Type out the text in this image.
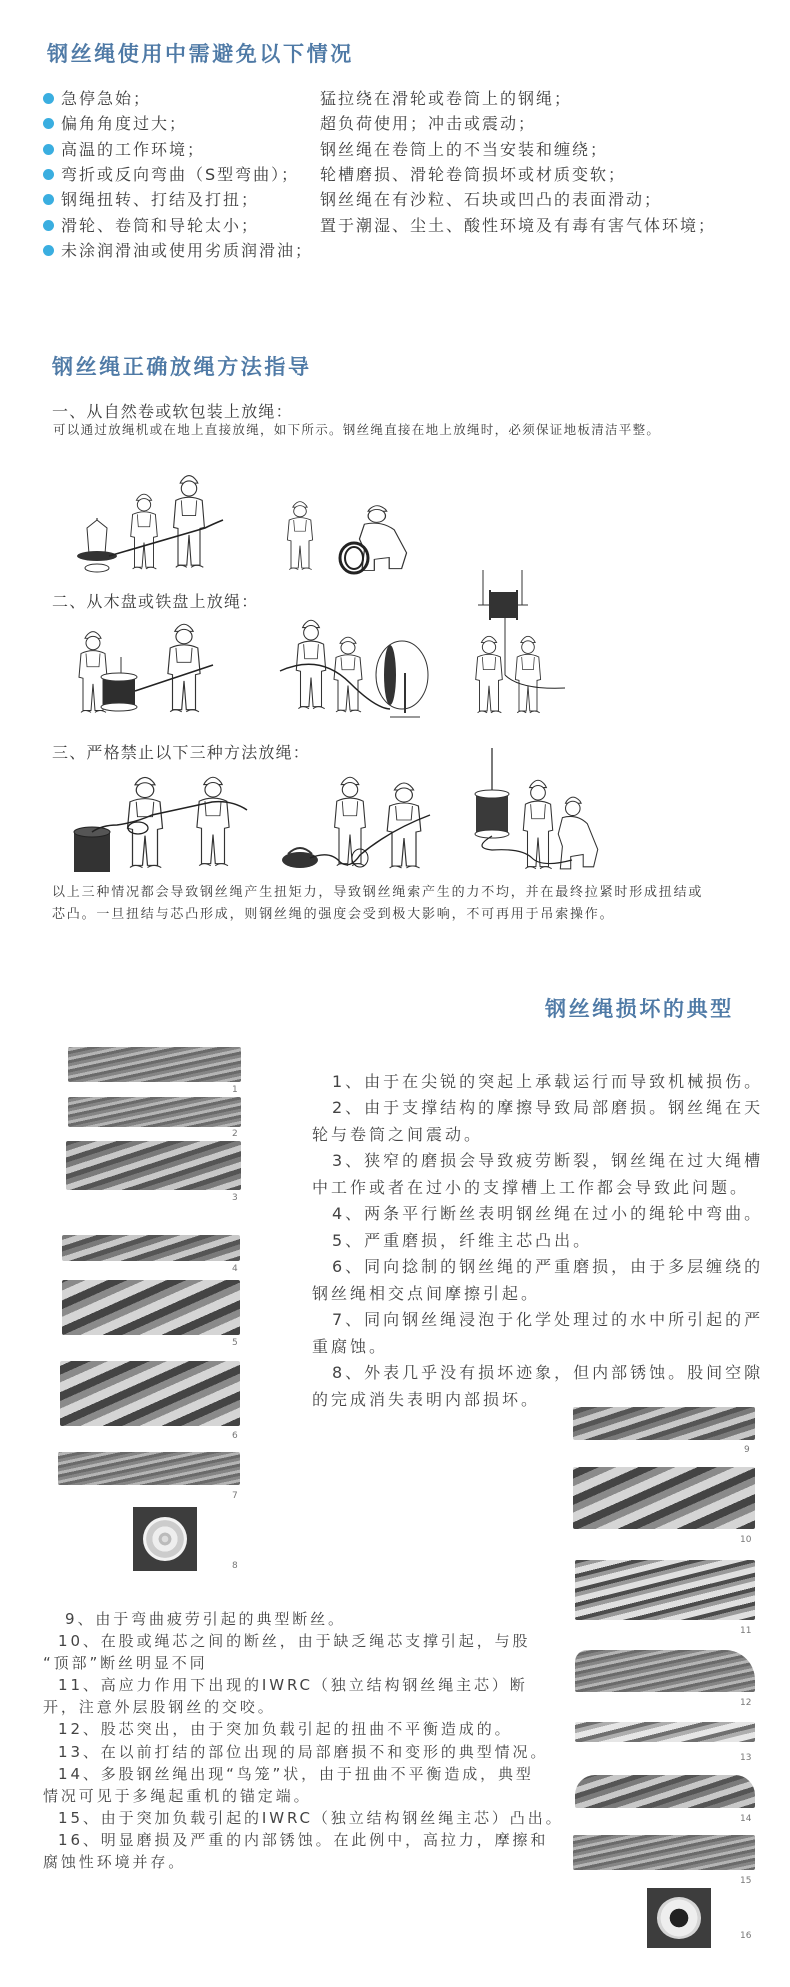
钢丝绳使用中需避免以下情况
急停急始；
偏角角度过大；
高温的工作环境；
弯折或反向弯曲（S型弯曲）；
钢绳扭转、打结及打扭；
滑轮、卷筒和导轮太小；
未涂润滑油或使用劣质润滑油；
猛拉绕在滑轮或卷筒上的钢绳；
超负荷使用；冲击或震动；
钢丝绳在卷筒上的不当安装和缠绕；
轮槽磨损、滑轮卷筒损坏或材质变软；
钢丝绳在有沙粒、石块或凹凸的表面滑动；
置于潮湿、尘土、酸性环境及有毒有害气体环境；
钢丝绳正确放绳方法指导
一、从自然卷或软包装上放绳：
可以通过放绳机或在地上直接放绳，如下所示。钢丝绳直接在地上放绳时，必须保证地板清洁平整。
二、从木盘或铁盘上放绳：
三、严格禁止以下三种方法放绳：
以上三种情况都会导致钢丝绳产生扭矩力，导致钢丝绳索产生的力不均，并在最终拉紧时形成扭结或
芯凸。一旦扭结与芯凸形成，则钢丝绳的强度会受到极大影响，不可再用于吊索操作。
钢丝绳损坏的典型
1
2
3
4
5
6
7
8
1、由于在尖锐的突起上承载运行而导致机械损伤。
2、由于支撑结构的摩擦导致局部磨损。钢丝绳在天
轮与卷筒之间震动。
3、狭窄的磨损会导致疲劳断裂，钢丝绳在过大绳槽
中工作或者在过小的支撑槽上工作都会导致此问题。
4、两条平行断丝表明钢丝绳在过小的绳轮中弯曲。
5、严重磨损，纤维主芯凸出。
6、同向捻制的钢丝绳的严重磨损，由于多层缠绕的
钢丝绳相交点间摩擦引起。
7、同向钢丝绳浸泡于化学处理过的水中所引起的严
重腐蚀。
8、外表几乎没有损坏迹象，但内部锈蚀。股间空隙
的完成消失表明内部损坏。
9
10
11
12
13
14
15
16
9、由于弯曲疲劳引起的典型断丝。
10、在股或绳芯之间的断丝，由于缺乏绳芯支撑引起，与股
“顶部”断丝明显不同
11、高应力作用下出现的IWRC（独立结构钢丝绳主芯）断
开，注意外层股钢丝的交咬。
12、股芯突出，由于突加负载引起的扭曲不平衡造成的。
13、在以前打结的部位出现的局部磨损不和变形的典型情况。
14、多股钢丝绳出现“鸟笼”状，由于扭曲不平衡造成，典型
情况可见于多绳起重机的锚定端。
15、由于突加负载引起的IWRC（独立结构钢丝绳主芯）凸出。
16、明显磨损及严重的内部锈蚀。在此例中，高拉力，摩擦和
腐蚀性环境并存。
